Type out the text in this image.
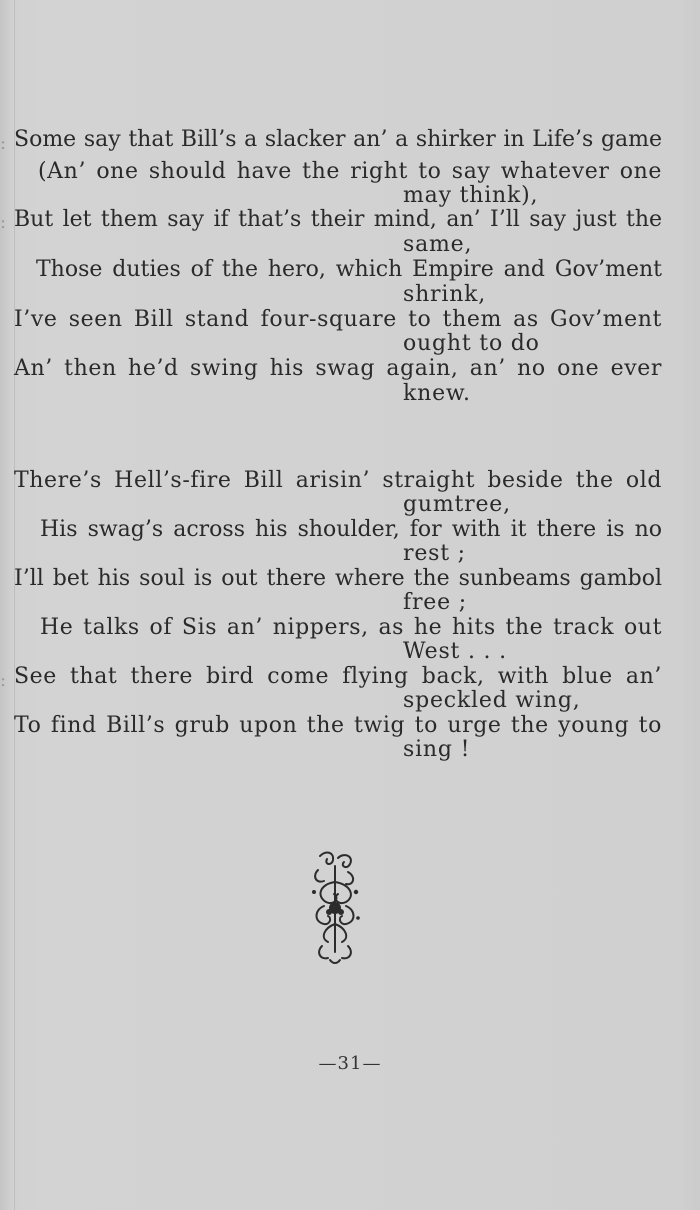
: Some say that Bill’s a slacker an’ a shirker in Life’s game
(An’ one should have the right to say whatever one
may think),
: But let them say if that’s their mind, an’ I’ll say just the
same,
Those duties of the hero, which Empire and Gov’ment
shrink,
I’ve seen Bill stand four-square to them as Gov’ment
ought to do
An’ then he’d swing his swag again, an’ no one ever
knew.
There’s Hell’s-fire Bill arisin’ straight beside the old
gumtree,
His swag’s across his shoulder, for with it there is no
rest ;
I’ll bet his soul is out there where the sunbeams gambol
free ;
He talks of Sis an’ nippers, as he hits the track out
West . . .
: See that there bird come flying back, with blue an’
speckled wing,
To find Bill’s grub upon the twig to urge the young to
sing !
—31—
